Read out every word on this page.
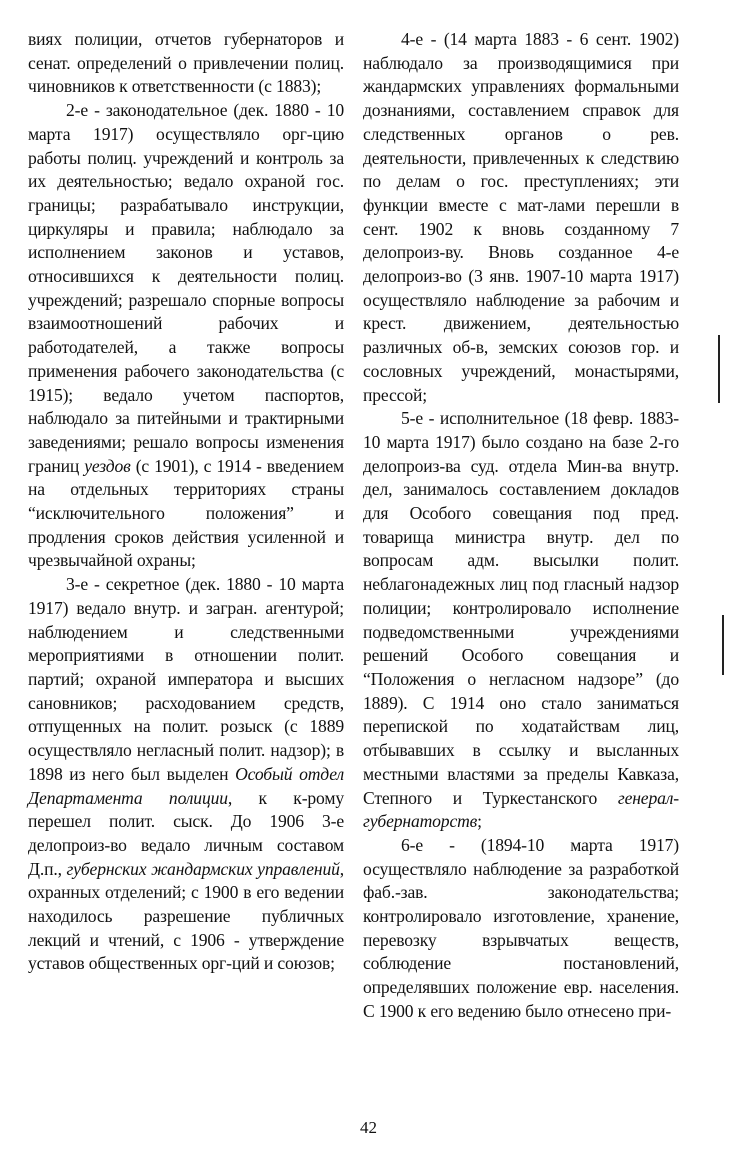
виях полиции, отчетов губернаторов и сенат. определений о привлечении полиц. чиновников к ответственности (с 1883);

2-е - законодательное (дек. 1880 - 10 марта 1917) осуществляло орг-цию работы полиц. учреждений и контроль за их деятельностью; ведало охраной гос. границы; разрабатывало инструкции, циркуляры и правила; наблюдало за исполнением законов и уставов, относившихся к деятельности полиц. учреждений; разрешало спорные вопросы взаимоотношений рабочих и работодателей, а также вопросы применения рабочего законодательства (с 1915); ведало учетом паспортов, наблюдало за питейными и трактирными заведениями; решало вопросы изменения границ уездов (с 1901), с 1914 - введением на отдельных территориях страны “исключительного положения” и продления сроков действия усиленной и чрезвычайной охраны;

3-е - секретное (дек. 1880 - 10 марта 1917) ведало внутр. и загран. агентурой; наблюдением и следственными мероприятиями в отношении полит. партий; охраной императора и высших сановников; расходованием средств, отпущенных на полит. розыск (с 1889 осуществляло негласный полит. надзор); в 1898 из него был выделен Особый отдел Департамента полиции, к к-рому перешел полит. сыск. До 1906 3-е делопроиз-во ведало личным составом Д.п., губернских жандармских управлений, охранных отделений; с 1900 в его ведении находилось разрешение публичных лекций и чтений, с 1906 - утверждение уставов общественных орг-ций и союзов;

4-е - (14 марта 1883 - 6 сент. 1902) наблюдало за производящимися при жандармских управлениях формальными дознаниями, составлением справок для следственных органов о рев. деятельности, привлеченных к следствию по делам о гос. преступлениях; эти функции вместе с мат-лами перешли в сент. 1902 к вновь созданному 7 делопроиз-ву. Вновь созданное 4-е делопроиз-во (3 янв. 1907-10 марта 1917) осуществляло наблюдение за рабочим и крест. движением, деятельностью различных об-в, земских союзов гор. и сословных учреждений, монастырями, прессой;

5-е - исполнительное (18 февр. 1883-10 марта 1917) было создано на базе 2-го делопроиз-ва суд. отдела Мин-ва внутр. дел, занималось составлением докладов для Особого совещания под пред. товарища министра внутр. дел по вопросам адм. высылки полит. неблагонадежных лиц под гласный надзор полиции; контролировало исполнение подведомственными учреждениями решений Особого совещания и “Положения о негласном надзоре” (до 1889). С 1914 оно стало заниматься перепиской по ходатайствам лиц, отбывавших в ссылку и высланных местными властями за пределы Кавказа, Степного и Туркестанского генерал-губернаторств;

6-е - (1894-10 марта 1917) осуществляло наблюдение за разработкой фаб.-зав. законодательства; контролировало изготовление, хранение, перевозку взрывчатых веществ, соблюдение постановлений, определявших положение евр. населения. С 1900 к его ведению было отнесено при-

42
